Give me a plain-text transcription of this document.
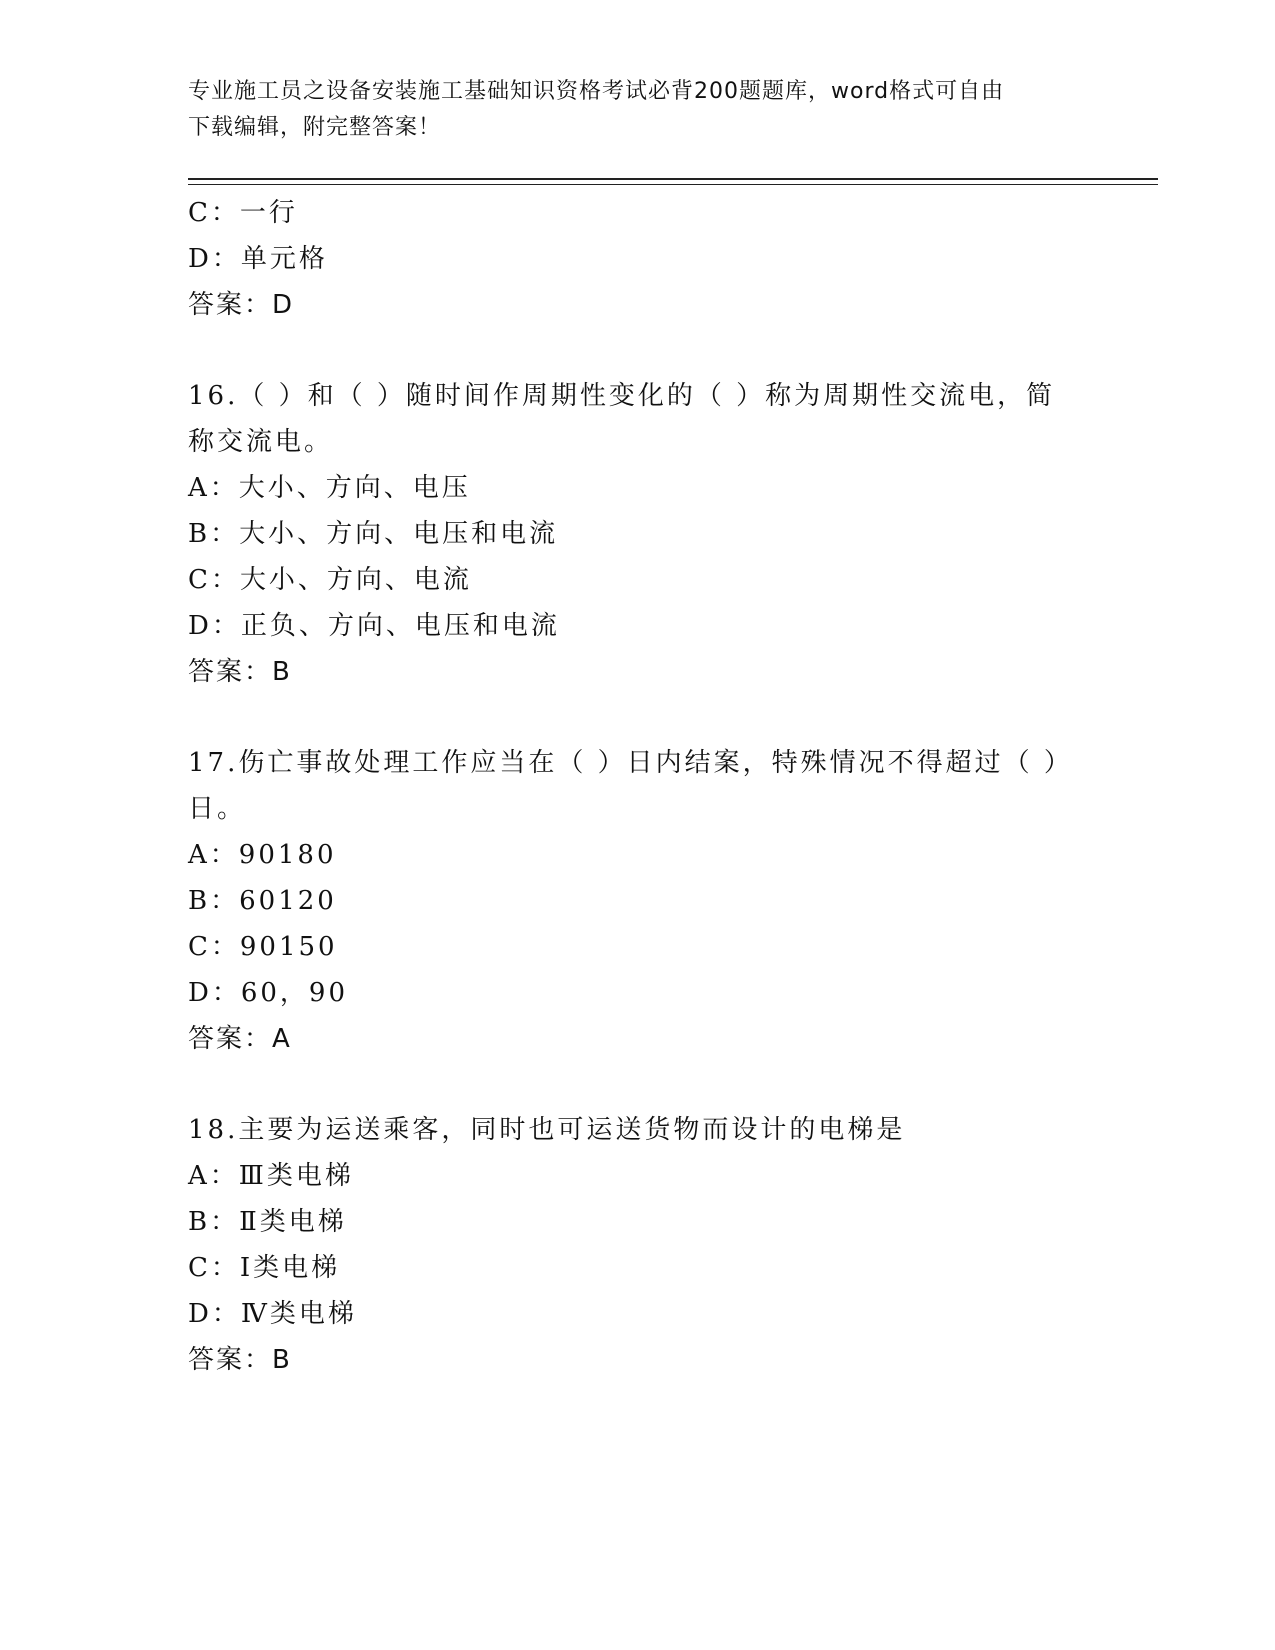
专业施工员之设备安装施工基础知识资格考试必背200题题库，word格式可自由
下载编辑，附完整答案！
C：一行
D：单元格
答案：D
16.（ ）和（ ）随时间作周期性变化的（ ）称为周期性交流电，简
称交流电。
A：大小、方向、电压
B：大小、方向、电压和电流
C：大小、方向、电流
D：正负、方向、电压和电流
答案：B
17.伤亡事故处理工作应当在（ ）日内结案，特殊情况不得超过（ ）
日。
A：90180
B：60120
C：90150
D：60，90
答案：A
18.主要为运送乘客，同时也可运送货物而设计的电梯是
A：Ⅲ类电梯
B：Ⅱ类电梯
C：Ⅰ类电梯
D：Ⅳ类电梯
答案：B
